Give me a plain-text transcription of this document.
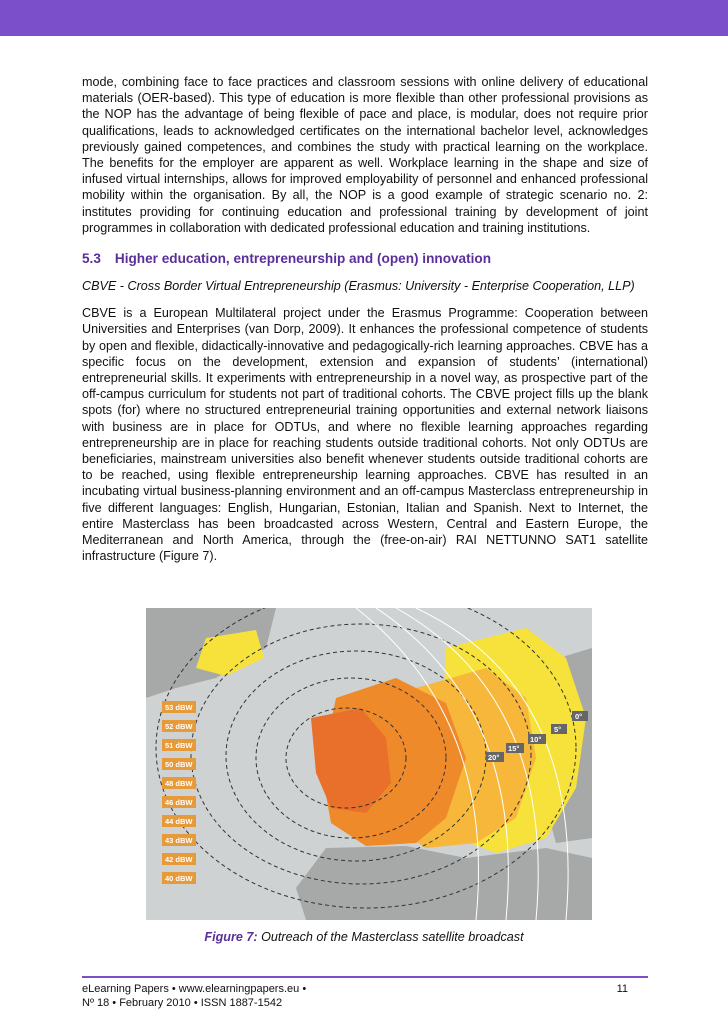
mode, combining face to face practices and classroom sessions with online delivery of educational materials (OER-based). This type of education is more flexible than other professional provisions as the NOP has the advantage of being flexible of pace and place, is modular, does not require prior qualifications, leads to acknowledged certificates on the international bachelor level, acknowledges previously gained competences, and combines the study with practical learning on the workplace. The benefits for the employer are apparent as well. Workplace learning in the shape and size of infused virtual internships, allows for improved employability of personnel and enhanced professional mobility within the organisation. By all, the NOP is a good example of strategic scenario no. 2: institutes providing for continuing education and professional training by development of joint programmes in collaboration with dedicated professional education and training institutions.

5.3 Higher education, entrepreneurship and (open) innovation

CBVE - Cross Border Virtual Entrepreneurship (Erasmus: University - Enterprise Cooperation, LLP)

CBVE is a European Multilateral project under the Erasmus Programme: Cooperation between Universities and Enterprises (van Dorp, 2009). It enhances the professional competence of students by open and flexible, didactically-innovative and pedagogically-rich learning approaches. CBVE has a specific focus on the development, extension and expansion of students’ (international) entrepreneurial skills. It experiments with entrepreneurship in a novel way, as prospective part of the off-campus curriculum for students not part of traditional cohorts. The CBVE project fills up the blank spots (for) where no structured entrepreneurial training opportunities and external network liaisons with business are in place for ODTUs, and where no flexible learning approaches regarding entrepreneurship are in place for reaching students outside traditional cohorts. Not only ODTUs are beneficiaries, mainstream universities also benefit whenever students outside traditional cohorts are to be reached, using flexible entrepreneurship learning approaches. CBVE has resulted in an incubating virtual business-planning environment and an off-campus Masterclass entrepreneurship in five different languages: English, Hungarian, Estonian, Italian and Spanish. Next to Internet, the entire Masterclass has been broadcasted across Western, Central and Eastern Europe, the Mediterranean and North America, through the (free-on-air) RAI NETTUNNO SAT1 satellite infrastructure (Figure 7).

0°
5°
10°
15°
20°
53 dBW
52 dBW
51 dBW
50 dBW
48 dBW
46 dBW
44 dBW
43 dBW
42 dBW
40 dBW
Figure 7: Outreach of the Masterclass satellite broadcast
eLearning Papers • www.elearningpapers.eu •
Nº 18 • February 2010 • ISSN 1887-1542
11
